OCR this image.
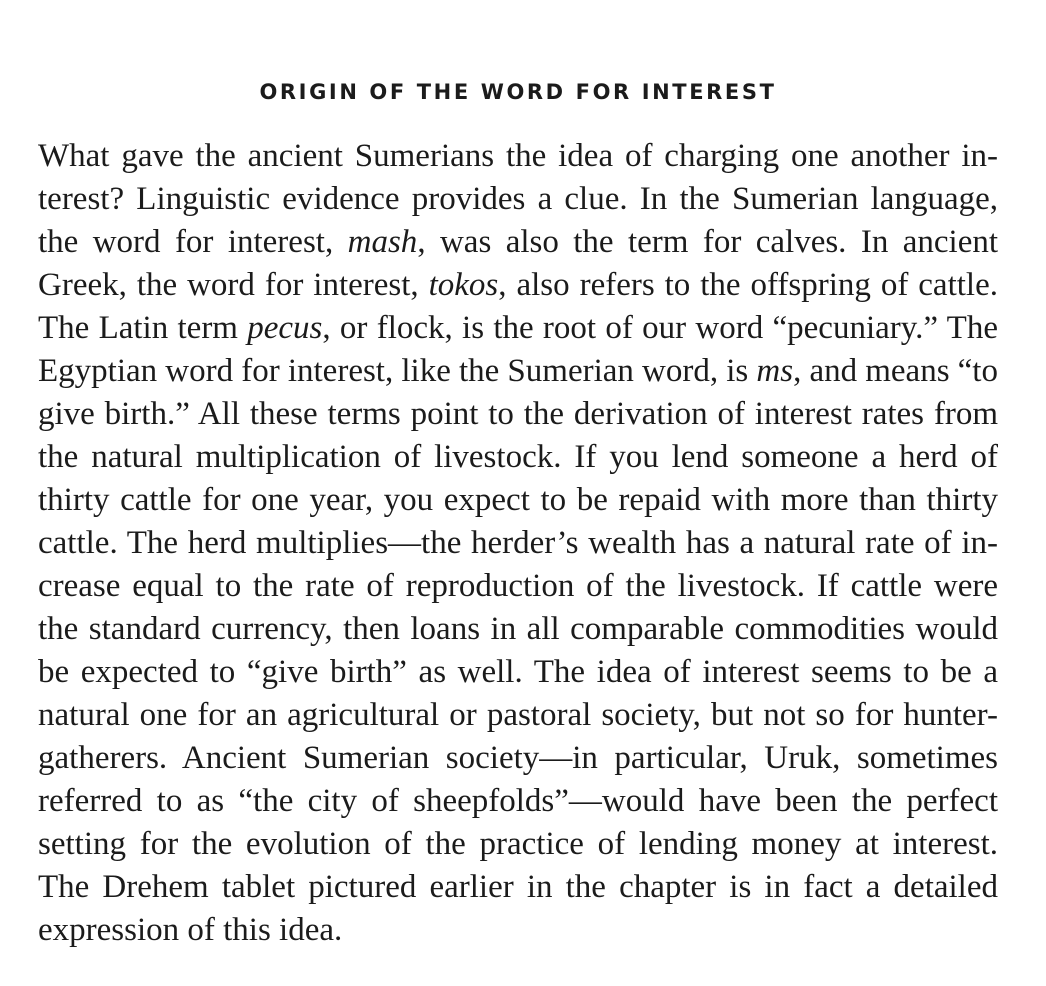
ORIGIN OF THE WORD FOR INTEREST
What gave the ancient Sumerians the idea of charging one another in-
terest? Linguistic evidence provides a clue. In the Sumerian language,
the word for interest, mash, was also the term for calves. In ancient
Greek, the word for interest, tokos, also refers to the offspring of cattle.
The Latin term pecus, or flock, is the root of our word “pecuniary.” The
Egyptian word for interest, like the Sumerian word, is ms, and means “to
give birth.” All these terms point to the derivation of interest rates from
the natural multiplication of livestock. If you lend someone a herd of
thirty cattle for one year, you expect to be repaid with more than thirty
cattle. The herd multiplies—the herder’s wealth has a natural rate of in-
crease equal to the rate of reproduction of the livestock. If cattle were
the standard currency, then loans in all comparable commodities would
be expected to “give birth” as well. The idea of interest seems to be a
natural one for an agricultural or pastoral society, but not so for hunter-
gatherers. Ancient Sumerian society—in particular, Uruk, sometimes
referred to as “the city of sheepfolds”—would have been the perfect
setting for the evolution of the practice of lending money at interest.
The Drehem tablet pictured earlier in the chapter is in fact a detailed
expression of this idea.
